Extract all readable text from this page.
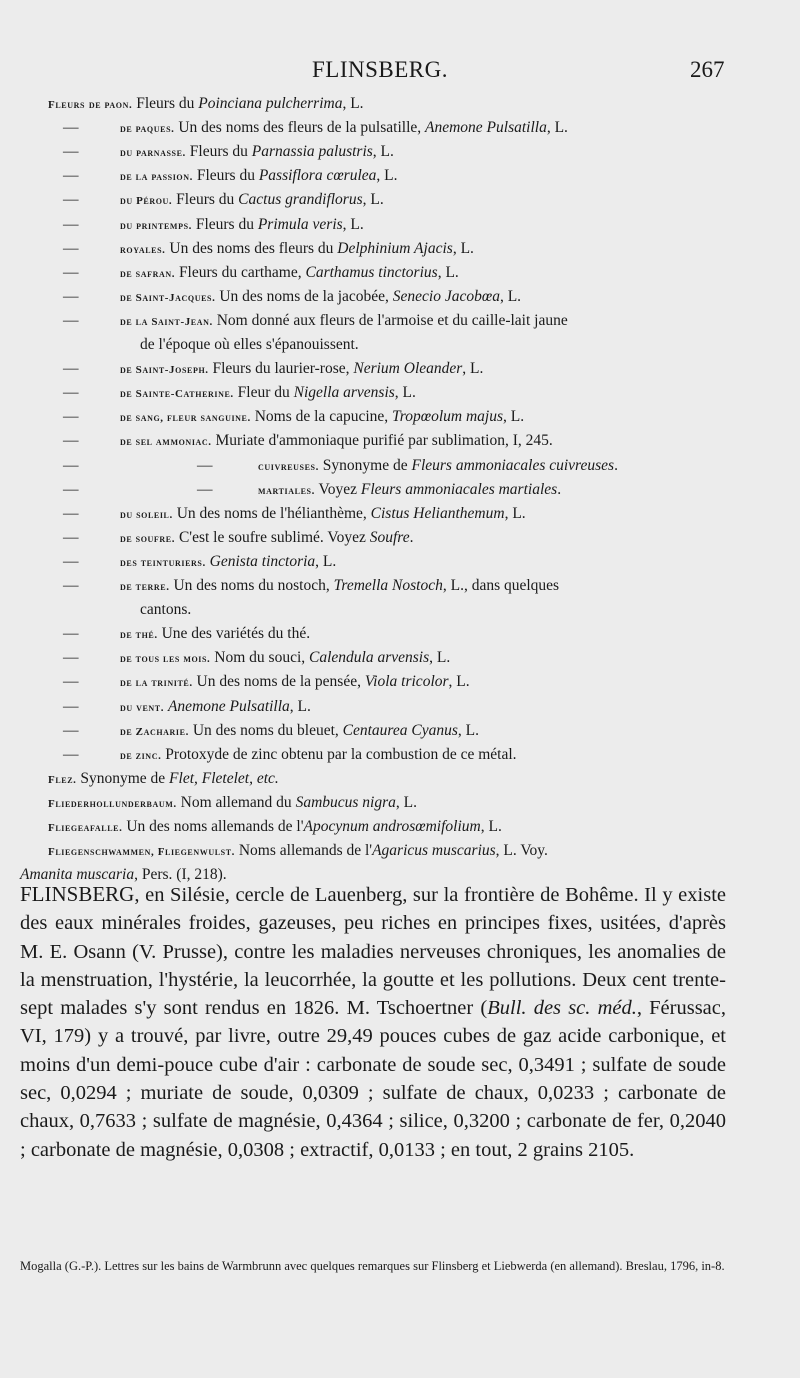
FLINSBERG.	267
Fleurs de paon. Fleurs du Poinciana pulcherrima, L.
—	de paques. Un des noms des fleurs de la pulsatille, Anemone Pulsatilla, L.
—	du parnasse. Fleurs du Parnassia palustris, L.
—	de la passion. Fleurs du Passiflora cœrulea, L.
—	du Pérou. Fleurs du Cactus grandiflorus, L.
—	du printemps. Fleurs du Primula veris, L.
—	royales. Un des noms des fleurs du Delphinium Ajacis, L.
—	de safran. Fleurs du carthame, Carthamus tinctorius, L.
—	de Saint-Jacques. Un des noms de la jacobée, Senecio Jacobœa, L.
—	de la Saint-Jean. Nom donné aux fleurs de l'armoise et du caille-lait jaune
de l'époque où elles s'épanouissent.
—	de Saint-Joseph. Fleurs du laurier-rose, Nerium Oleander, L.
—	de Sainte-Catherine. Fleur du Nigella arvensis, L.
—	de sang, fleur sanguine. Noms de la capucine, Tropœolum majus, L.
—	de sel ammoniac. Muriate d'ammoniaque purifié par sublimation, I, 245.
—	—	cuivreuses. Synonyme de Fleurs ammoniacales cuivreuses.
—	—	martiales. Voyez Fleurs ammoniacales martiales.
—	du soleil. Un des noms de l'hélianthème, Cistus Helianthemum, L.
—	de soufre. C'est le soufre sublimé. Voyez Soufre.
—	des teinturiers. Genista tinctoria, L.
—	de terre. Un des noms du nostoch, Tremella Nostoch, L., dans quelques
cantons.
—	de thé. Une des variétés du thé.
—	de tous les mois. Nom du souci, Calendula arvensis, L.
—	de la trinité. Un des noms de la pensée, Viola tricolor, L.
—	du vent. Anemone Pulsatilla, L.
—	de Zacharie. Un des noms du bleuet, Centaurea Cyanus, L.
—	de zinc. Protoxyde de zinc obtenu par la combustion de ce métal.
Flez. Synonyme de Flet, Fletelet, etc.
Fliederhollunderbaum. Nom allemand du Sambucus nigra, L.
Fliegeafalle. Un des noms allemands de l'Apocynum androsœmifolium, L.
Fliegenschwammen, Fliegenwulst. Noms allemands de l'Agaricus muscarius, L. Voy.
Amanita muscaria, Pers. (I, 218).
FLINSBERG, en Silésie, cercle de Lauenberg, sur la frontière de Bohême. Il y existe des eaux minérales froides, gazeuses, peu riches en principes fixes, usitées, d'après M. E. Osann (V. Prusse), contre les maladies nerveuses chroniques, les anomalies de la menstruation, l'hystérie, la leucorrhée, la goutte et les pollutions. Deux cent trente-sept malades s'y sont rendus en 1826. M. Tschoertner (Bull. des sc. méd., Férussac, VI, 179) y a trouvé, par livre, outre 29,49 pouces cubes de gaz acide carbonique, et moins d'un demi-pouce cube d'air : carbonate de soude sec, 0,3491 ; sulfate de soude sec, 0,0294 ; muriate de soude, 0,0309 ; sulfate de chaux, 0,0233 ; carbonate de chaux, 0,7633 ; sulfate de magnésie, 0,4364 ; silice, 0,3200 ; carbonate de fer, 0,2040 ; carbonate de magnésie, 0,0308 ; extractif, 0,0133 ; en tout, 2 grains 2105.
Mogalla (G.-P.). Lettres sur les bains de Warmbrunn avec quelques remarques sur Flinsberg et Liebwerda (en allemand). Breslau, 1796, in-8.
